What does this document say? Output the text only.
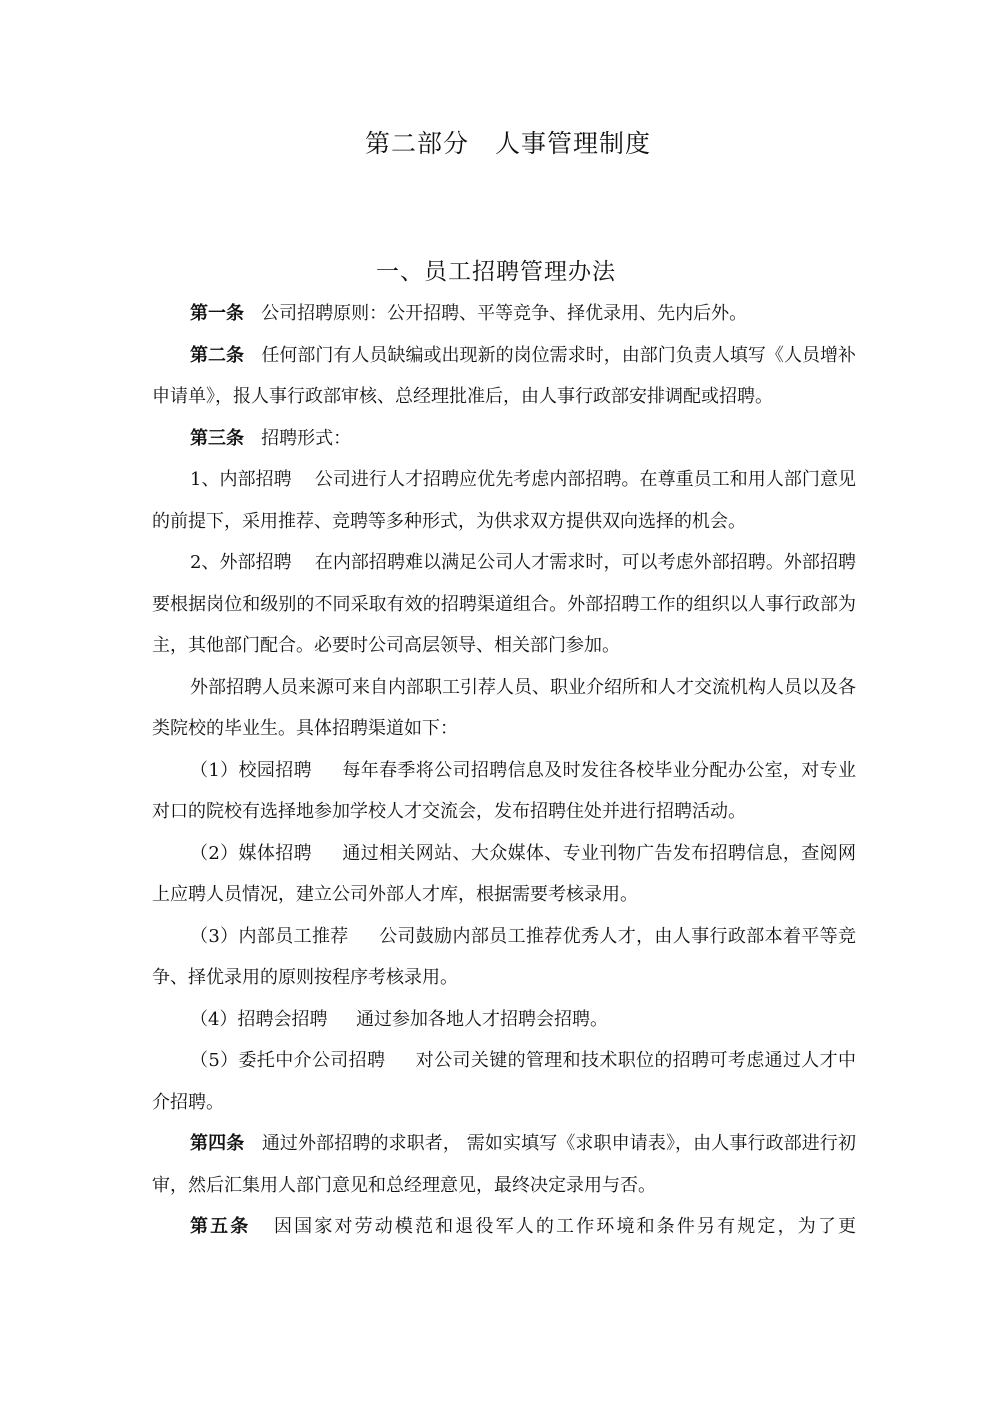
第二部分　人事管理制度
一、员工招聘管理办法

第一条 公司招聘原则：公开招聘、平等竞争、择优录用、先内后外。

第二条 任何部门有人员缺编或出现新的岗位需求时，由部门负责人填写《人员增补申请单》，报人事行政部审核、总经理批准后，由人事行政部安排调配或招聘。

第三条 招聘形式：

1、内部招聘 公司进行人才招聘应优先考虑内部招聘。在尊重员工和用人部门意见的前提下，采用推荐、竞聘等多种形式，为供求双方提供双向选择的机会。

2、外部招聘 在内部招聘难以满足公司人才需求时，可以考虑外部招聘。外部招聘要根据岗位和级别的不同采取有效的招聘渠道组合。外部招聘工作的组织以人事行政部为主，其他部门配合。必要时公司高层领导、相关部门参加。

外部招聘人员来源可来自内部职工引荐人员、职业介绍所和人才交流机构人员以及各类院校的毕业生。具体招聘渠道如下：

（1）校园招聘 每年春季将公司招聘信息及时发往各校毕业分配办公室，对专业对口的院校有选择地参加学校人才交流会，发布招聘住处并进行招聘活动。

（2）媒体招聘 通过相关网站、大众媒体、专业刊物广告发布招聘信息，查阅网上应聘人员情况，建立公司外部人才库，根据需要考核录用。

（3）内部员工推荐 公司鼓励内部员工推荐优秀人才，由人事行政部本着平等竞争、择优录用的原则按程序考核录用。

（4）招聘会招聘 通过参加各地人才招聘会招聘。

（5）委托中介公司招聘 对公司关键的管理和技术职位的招聘可考虑通过人才中介招聘。

第四条 通过外部招聘的求职者， 需如实填写《求职申请表》，由人事行政部进行初审，然后汇集用人部门意见和总经理意见，最终决定录用与否。

第五条 因国家对劳动模范和退役军人的工作环境和条件另有规定，为了更
